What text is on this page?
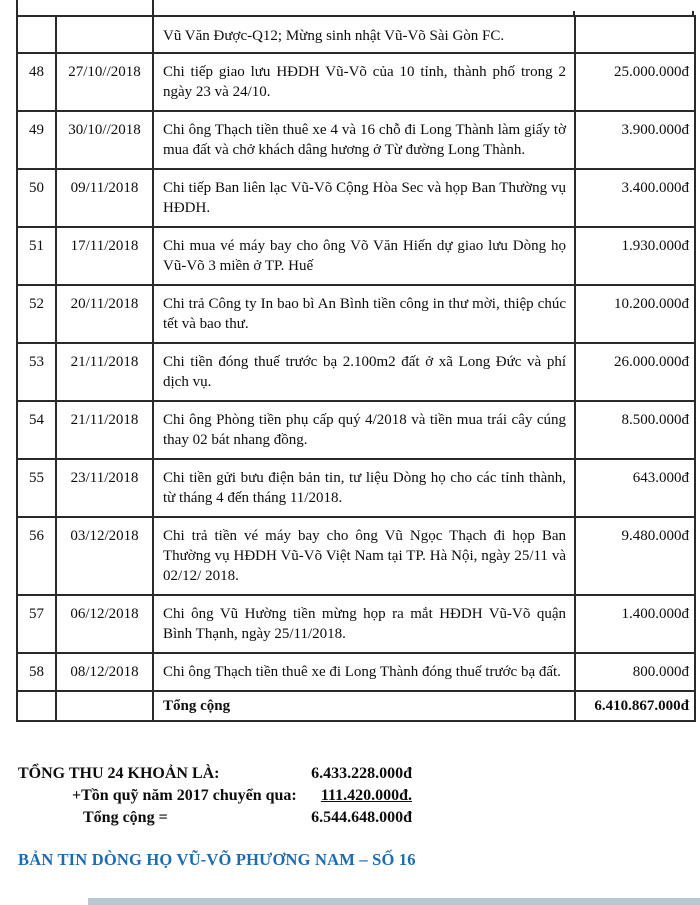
		Vũ Văn Được-Q12; Mừng sinh nhật Vũ-Võ Sài Gòn FC.	
48	27/10//2018	Chi tiếp giao lưu HĐDH Vũ-Võ của 10 tỉnh, thành phố trong 2 ngày 23 và 24/10.	25.000.000đ
49	30/10//2018	Chi ông Thạch tiền thuê xe 4 và 16 chỗ đi Long Thành làm giấy tờ mua đất và chở khách dâng hương ở Từ đường Long Thành.	3.900.000đ
50	09/11/2018	Chi tiếp Ban liên lạc Vũ-Võ Cộng Hòa Sec và họp Ban Thường vụ HĐDH.	3.400.000đ
51	17/11/2018	Chi mua vé máy bay cho ông Võ Văn Hiến dự giao lưu Dòng họ Vũ-Võ 3 miền ở TP. Huế	1.930.000đ
52	20/11/2018	Chi trả Công ty In bao bì An Bình tiền công in thư mời, thiệp chúc tết và bao thư.	10.200.000đ
53	21/11/2018	Chi tiền đóng thuế trước bạ 2.100m2 đất ở xã Long Đức và phí dịch vụ.	26.000.000đ
54	21/11/2018	Chi ông Phòng tiền phụ cấp quý 4/2018 và tiền mua trái cây cúng thay 02 bát nhang đồng.	8.500.000đ
55	23/11/2018	Chi tiền gửi bưu điện bản tin, tư liệu Dòng họ cho các tỉnh thành, từ tháng 4 đến tháng 11/2018.	643.000đ
56	03/12/2018	Chi trả tiền vé máy bay cho ông Vũ Ngọc Thạch đi họp Ban Thường vụ HĐDH Vũ-Võ Việt Nam tại TP. Hà Nội, ngày 25/11 và 02/12/ 2018.	9.480.000đ
57	06/12/2018	Chi ông Vũ Hường tiền mừng họp ra mắt HĐDH Vũ-Võ quận Bình Thạnh, ngày 25/11/2018.	1.400.000đ
58	08/12/2018	Chi ông Thạch tiền thuê xe đi Long Thành đóng thuế trước bạ đất.	800.000đ
		Tổng cộng	6.410.867.000đ
TỔNG THU 24 KHOẢN LÀ:	6.433.228.000đ
+Tồn quỹ năm 2017 chuyển qua:	111.420.000đ.
Tổng cộng =	6.544.648.000đ
BẢN TIN DÒNG HỌ VŨ-VÕ PHƯƠNG NAM – SỐ 16
